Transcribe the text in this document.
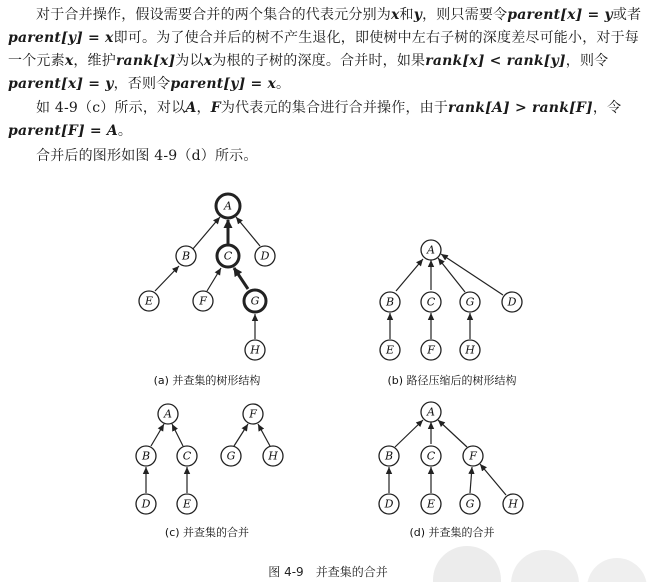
对于合并操作，假设需要合并的两个集合的代表元分别为x和y，则只需要令parent[x] = y或者parent[y] = x即可。为了使合并后的树不产生退化，即使树中左右子树的深度差尽可能小，对于每一个元素x，维护rank[x]为以x为根的子树的深度。合并时，如果rank[x] < rank[y]，则令parent[x] = y，否则令parent[y] = x。
如 4-9（c）所示，对以A，F为代表元的集合进行合并操作，由于rank[A] > rank[F]，令parent[F] = A。
合并后的图形如图 4-9（d）所示。
A
B	C	D
E	F	G
H
(a) 并查集的树形结构
A
B	C	G	D
E	F	H
(b) 路径压缩后的树形结构
A
B	C
D	E
F
G	H
(c) 并查集的合并
A
B	C	F
D	E	G	H
(d) 并查集的合并
图 4-9　并查集的合并
